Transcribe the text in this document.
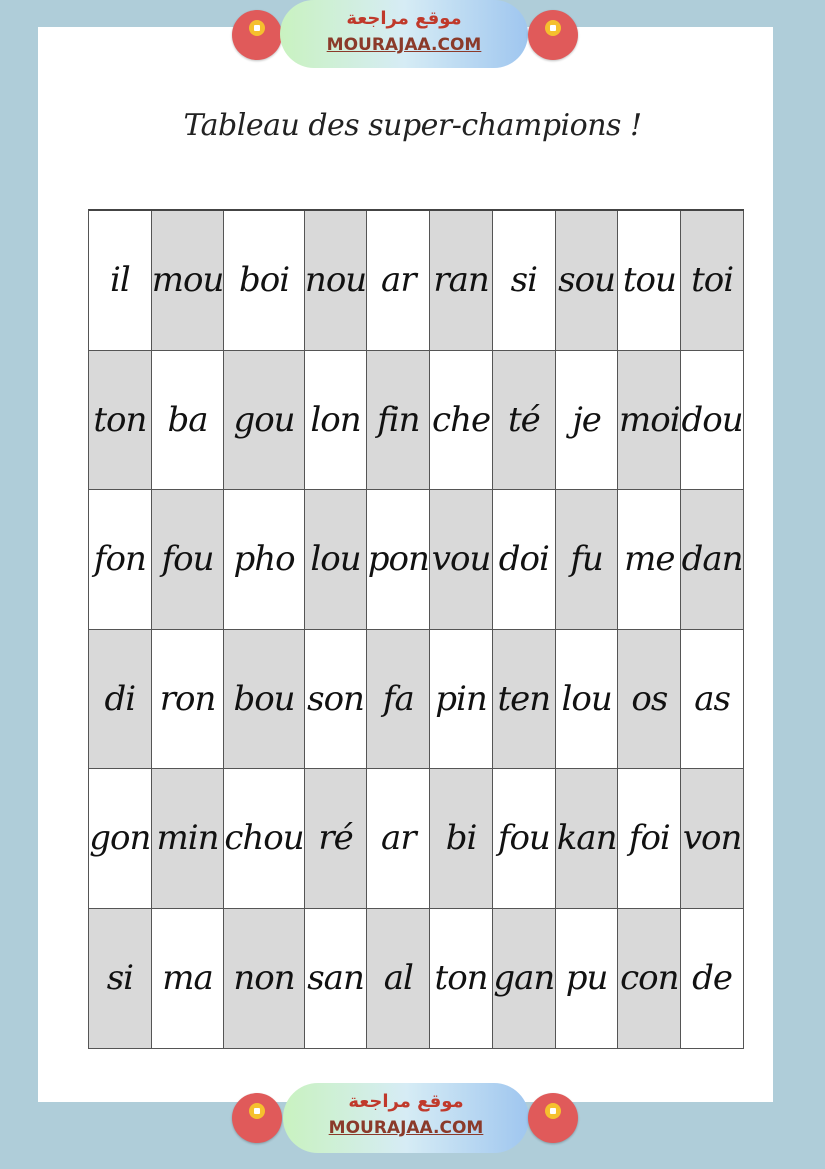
موقع مراجعة
MOURAJAA.COM
Tableau des super-champions !
il mou boi nou ar ran si sou tou toi
ton ba gou lon fin che té je moi dou
fon fou pho lou pon vou doi fu me dan
di ron bou son fa pin ten lou os as
gon min chou ré ar bi fou kan foi von
si ma non san al ton gan pu con de
موقع مراجعة
MOURAJAA.COM
